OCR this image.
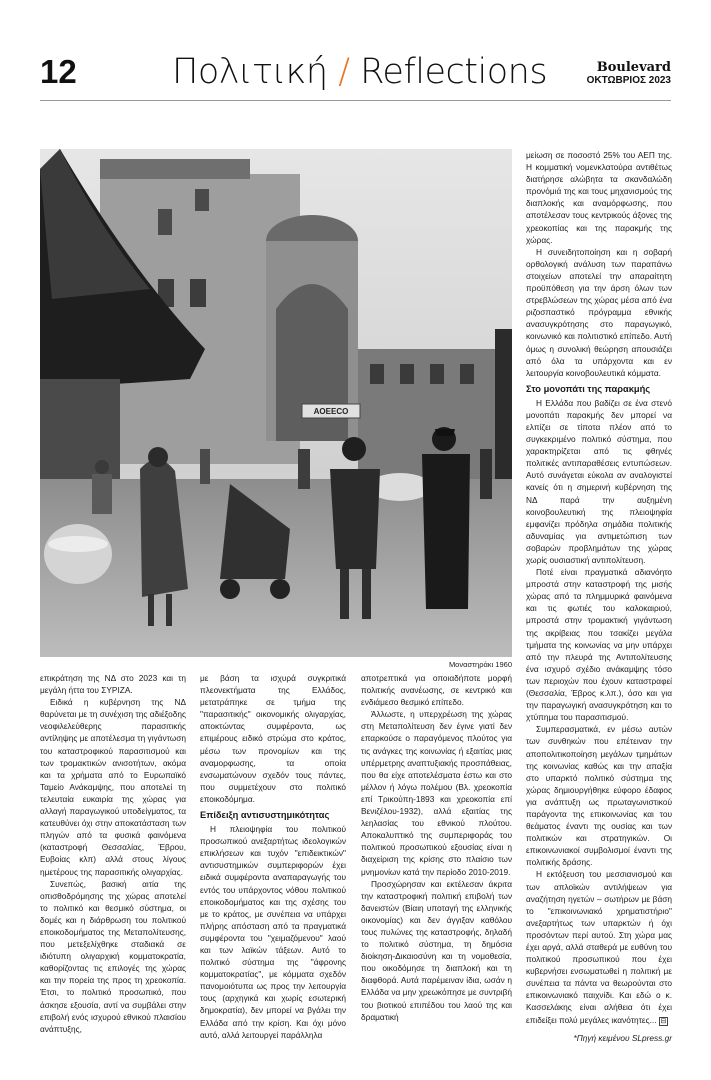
12	Πολιτική / Reflections	Boulevard
ΟΚΤΩΒΡΙΟΣ 2023
AOEECO
Μοναστηράκι 1960

επικράτηση της ΝΔ στο 2023 και τη μεγάλη ήττα του ΣΥΡΙΖΑ.

Ειδικά η κυβέρνηση της ΝΔ θαρύνεται με τη συνέχιση της αδιέξοδης νεοφιλελεύθερης παρασιτικής αντίληψης με αποτέλεσμα τη γιγάντωση του καταστροφικού παρασιτισμού και των τρομακτικών ανισοτήτων, ακόμα και τα χρήματα από το Ευρωπαϊκό Ταμείο Ανάκαμψης, που αποτελεί τη τελευταία ευκαιρία της χώρας για αλλαγή παραγωγικού υποδείγματος, τα κατευθύνει όχι στην αποκατάσταση των πληγών από τα φυσικά φαινόμενα (καταστροφή Θεσσαλίας, Έβρου, Ευβοίας κλπ) αλλά στους λίγους ημετέρους της παρασιτικής ολιγαρχίας.

Συνεπώς, βασική αιτία της οπισθοδρόμησης της χώρας αποτελεί το πολιτικό και θεσμικό σύστημα, οι δομές και η διάρθρωση του πολιτικού εποικοδομήματος της Μεταπολίτευσης, που μετεξελίχθηκε σταδιακά σε ιδιότυπη ολιγαρχική κομματοκρατία, καθορίζοντας τις επιλογές της χώρας και την πορεία της προς τη χρεοκοπία. Έτσι, το πολιτικό προσωπικό, που άσκησε εξουσία, αντί να συμβάλει στην επιβολή ενός ισχυρού εθνικού πλαισίου ανάπτυξης,

με βάση τα ισχυρά συγκριτικά πλεονεκτήματα της Ελλάδος, μετατράπηκε σε τμήμα της "παρασιτικής" οικονομικής ολιγαρχίας, αποκτώντας συμφέροντα, ως επιμέρους ειδικό στρώμα στο κράτος, μέσω των προνομίων και της αναμορφωσης, τα οποία ενσωματώνουν σχεδόν τους πάντες, που συμμετέχουν στο πολιτικό εποικοδόμημα.

Επίδειξη αντισυστημικότητας

Η πλειοψηφία του πολιτικού προσωπικού ανεξαρτήτως ιδεολογικών επικλήσεων και τυχόν "επιδεικτικών" αντισυστημικών συμπεριφορών έχει ειδικά συμφέροντα αναπαραγωγής του εντός του υπάρχοντος νόθου πολιτικού εποικοδομήματος και της σχέσης του με το κράτος, με συνέπεια να υπάρχει πλήρης απόσταση από τα πραγματικά συμφέροντα του "χειμαζόμενου" λαού και των λαϊκών τάξεων. Αυτό το πολιτικό σύστημα της "άφρονης κομματοκρατίας", με κόμματα σχεδόν πανομοιότυπα ως προς την λειτουργία τους (αρχηγικά και χωρίς εσωτερική δημοκρατία), δεν μπορεί να βγάλει την Ελλάδα από την κρίση. Και όχι μόνο αυτό, αλλά λειτουργεί παράλληλα

αποτρεπτικά για οποιαδήποτε μορφή πολιτικής ανανέωσης, σε κεντρικό και ενδιάμεσο θεσμικό επίπεδο.

Άλλωστε, η υπερχρέωση της χώρας στη Μεταπολίτευση δεν έγινε γιατί δεν επαρκούσε ο παραγόμενος πλούτος για τις ανάγκες της κοινωνίας ή εξαιτίας μιας υπέρμετρης αναπτυξιακής προσπάθειας, που θα είχε αποτελέσματα έστω και στο μέλλον ή λόγω πολέμου (Βλ. χρεοκοπία επί Τρικούπη-1893 και χρεοκοπία επί Βενιζέλου-1932), αλλά εξαιτίας της λεηλασίας του εθνικού πλούτου. Αποκαλυπτικό της συμπεριφοράς του πολιτικού προσωπικού εξουσίας είναι η διαχείριση της κρίσης στο πλαίσιο των μνημονίων κατά την περίοδο 2010-2019.

Προσχώρησαν και εκτέλεσαν άκριτα την καταστροφική πολιτική επιβολή των δανειστών (Βίαιη υποταγή της ελληνικής οικονομίας) και δεν άγγιξαν καθόλου τους πυλώνες της καταστροφής, δηλαδή το πολιτικό σύστημα, τη δημόσια διοίκηση-Δικαιοσύνη και τη νομοθεσία, που οικοδόμησε τη διαπλοκή και τη διαφθορά. Αυτά παρέμειναν ίδια, ωσάν η Ελλάδα να μην χρεωκόπησε με συντριβή του βιοτικού επιπέδου του λαού της και δραματική

μείωση σε ποσοστό 25% του ΑΕΠ της. Η κομματική νομενκλατούρα αντιθέτως διατήρησε αλώβητα τα σκανδαλώδη προνόμιά της και τους μηχανισμούς της διαπλοκής και αναμόρφωσης, που αποτέλεσαν τους κεντρικούς άξονες της χρεοκοπίας και της παρακμής της χώρας.

Η συνειδητοποίηση και η σοβαρή ορθολογική ανάλυση των παραπάνω στοιχείων αποτελεί την απαραίτητη προϋπόθεση για την άρση όλων των στρεβλώσεων της χώρας μέσα από ένα ριζοσπαστικό πρόγραμμα εθνικής ανασυγκρότησης στο παραγωγικό, κοινωνικό και πολιτιστικό επίπεδο. Αυτή όμως η συνολική θεώρηση απουσιάζει από όλα τα υπάρχοντα και εν λειτουργία κοινοβουλευτικά κόμματα.

Στο μονοπάτι της παρακμής

Η Ελλάδα που βαδίζει σε ένα στενό μονοπάτι παρακμής δεν μπορεί να ελπίζει σε τίποτα πλέον από το συγκεκριμένο πολιτικό σύστημα, που χαρακτηρίζεται από τις φθηνές πολιτικές αντιπαραθέσεις εντυπώσεων. Αυτό συνάγεται εύκολα αν αναλογιστεί κανείς ότι η σημερινή κυβέρνηση της ΝΔ παρά την αυξημένη κοινοβουλευτική της πλειοψηφία εμφανίζει πρόδηλα σημάδια πολιτικής αδυναμίας για αντιμετώπιση των σοβαρών προβλημάτων της χώρας χωρίς ουσιαστική αντιπολίτευση.

Ποτέ είναι πραγματικά αδιανόητο μπροστά στην καταστροφή της μισής χώρας από τα πλημμυρικά φαινόμενα και τις φωτιές του καλοκαιριού, μπροστά στην τρομακτική γιγάντωση της ακρίβειας που τσακίζει μεγάλα τμήματα της κοινωνίας να μην υπάρχει από την πλευρά της Αντιπολίτευσης ένα ισχυρό σχέδιο ανάκαμψης τόσο των περιοχών που έχουν καταστραφεί (Θεσσαλία, Έβρος κ.λπ.), όσο και για την παραγωγική ανασυγκρότηση και το χτύπημα του παρασιτισμού.

Συμπερασματικά, εν μέσω αυτών των συνθηκών που επέτειναν την αποπολιτικοποίηση μεγάλων τμημάτων της κοινωνίας καθώς και την απαξία στο υπαρκτό πολιτικό σύστημα της χώρας δημιουργήθηκε εύφορο έδαφος για ανάπτυξη ως πρωταγωνιστικού παράγοντα της επικοινωνίας και του θεάματος έναντι της ουσίας και των πολιτικών και στρατηγικών. Οι επικοινωνιακοί συμβολισμοί έναντι της πολιτικής δράσης.

Η εκτόξευση του μεσσιανισμού και των απλοϊκών αντιλήψεων για αναζήτηση ηγετών – σωτήρων με βάση το "επικοινωνιακό χρηματιστήριο" ανεξαρτήτως των υπαρκτών ή όχι προσόντων περί αυτού. Στη χώρα μας έχει αργά, αλλά σταθερά με ευθύνη του πολιτικού προσωπικού που έχει κυβερνήσει ενσωματωθεί η πολιτική με συνέπεια τα πάντα να θεωρούνται στο επικοινωνιακό παιχνίδι. Και εδώ ο κ. Κασσελάκης είναι αλήθεια ότι έχει επιδείξει πολύ μεγάλες ικανότητες... ⊟

*Πηγή κειμένου SLpress.gr
